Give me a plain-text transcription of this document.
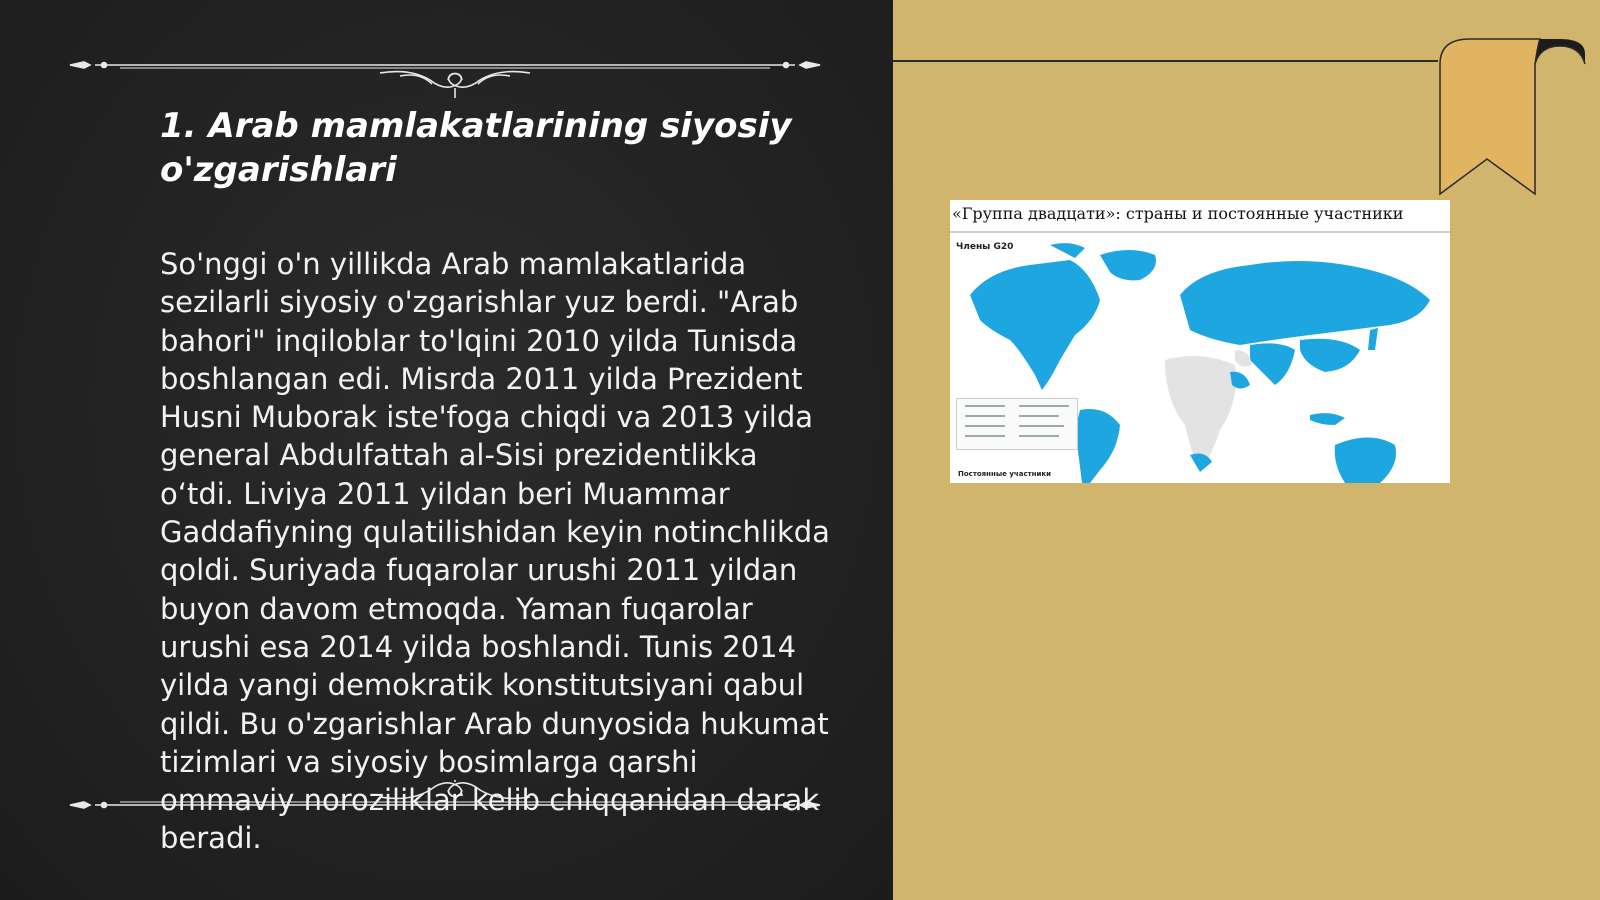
1. Arab mamlakatlarining siyosiy o'zgarishlari

So'nggi o'n yillikda Arab mamlakatlarida sezilarli siyosiy o'zgarishlar yuz berdi. "Arab bahori" inqiloblar to'lqini 2010 yilda Tunisda boshlangan edi. Misrda 2011 yilda Prezident Husni Muborak iste'foga chiqdi va 2013 yilda general Abdulfattah al-Sisi prezidentlikka o‘tdi. Liviya 2011 yildan beri Muammar Gaddafiyning qulatilishidan keyin notinchlikda qoldi. Suriyada fuqarolar urushi 2011 yildan buyon davom etmoqda. Yaman fuqarolar urushi esa 2014 yilda boshlandi. Tunis 2014 yilda yangi demokratik konstitutsiyani qabul qildi. Bu o'zgarishlar Arab dunyosida hukumat tizimlari va siyosiy bosimlarga qarshi ommaviy noroziliklar kelib chiqqanidan darak beradi.

«Группа двадцати»: страны и постоянные участники
Члены G20
Постоянные участники
